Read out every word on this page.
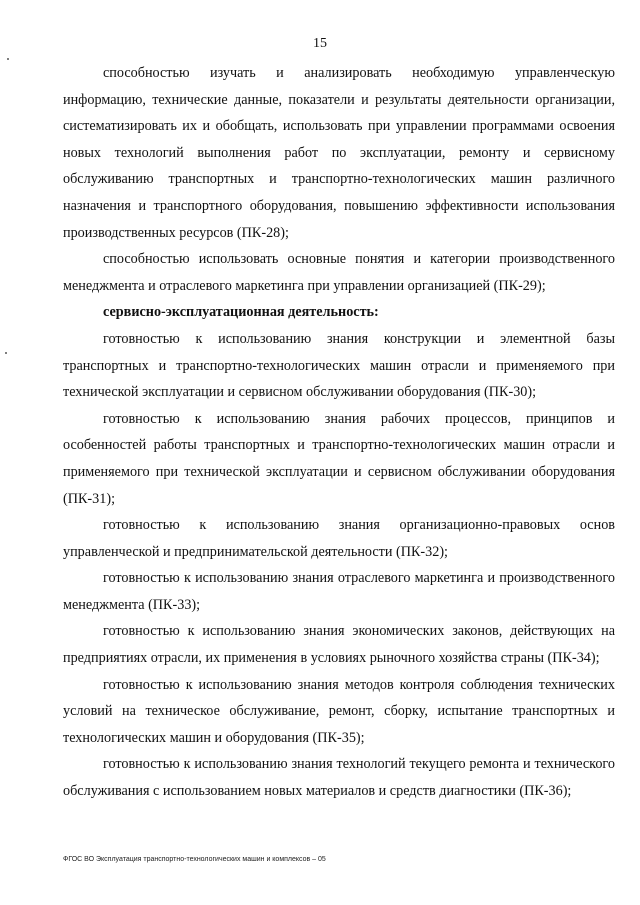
15

способностью изучать и анализировать необходимую управленческую информацию, технические данные, показатели и результаты деятельности организации, систематизировать их и обобщать, использовать при управлении программами освоения новых технологий выполнения работ по эксплуатации, ремонту и сервисному обслуживанию транспортных и транспортно-технологических машин различного назначения и транспортного оборудования, повышению эффективности использования производственных ресурсов (ПК-28);

способностью использовать основные понятия и категории производственного менеджмента и отраслевого маркетинга при управлении организацией (ПК-29);

сервисно-эксплуатационная деятельность:

готовностью к использованию знания конструкции и элементной базы транспортных и транспортно-технологических машин отрасли и применяемого при технической эксплуатации и сервисном обслуживании оборудования (ПК-30);

готовностью к использованию знания рабочих процессов, принципов и особенностей работы транспортных и транспортно-технологических машин отрасли и применяемого при технической эксплуатации и сервисном обслуживании оборудования (ПК-31);

готовностью к использованию знания организационно-правовых основ управленческой и предпринимательской деятельности (ПК-32);

готовностью к использованию знания отраслевого маркетинга и производственного менеджмента (ПК-33);

готовностью к использованию знания экономических законов, действующих на предприятиях отрасли, их применения в условиях рыночного хозяйства страны (ПК-34);

готовностью к использованию знания методов контроля соблюдения технических условий на техническое обслуживание, ремонт, сборку, испытание транспортных и технологических машин и оборудования (ПК-35);

готовностью к использованию знания технологий текущего ремонта и технического обслуживания с использованием новых материалов и средств диагностики (ПК-36);

ФГОС ВО Эксплуатация транспортно-технологических машин и комплексов – 05
